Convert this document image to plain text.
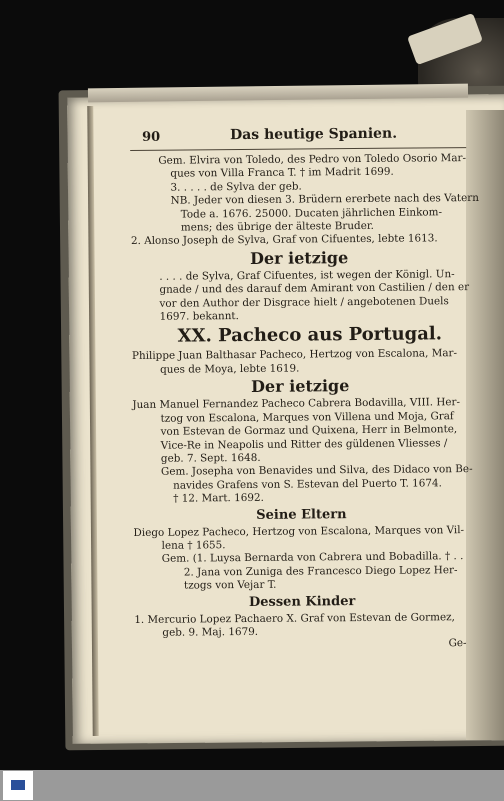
90	Das heutige Spanien.
Gem. Elvira von Toledo, des Pedro von Toledo Osorio Mar-
ques von Villa Franca T. † im Madrit 1699.
3. . . . . de Sylva der geb.
NB. Jeder von diesen 3. Brüdern ererbete nach des Vatern
Tode a. 1676. 25000. Ducaten jährlichen Einkom-
mens; des übrige der älteste Bruder.
2. Alonso Joseph de Sylva, Graf von Cifuentes, lebte 1613.
Der ietzige
. . . . de Sylva, Graf Cifuentes, ist wegen der Königl. Un-
gnade / und des darauf dem Amirant von Castilien / den er
vor den Author der Disgrace hielt / angebotenen Duels
1697. bekannt.
XX. Pacheco aus Portugal.
Philippe Juan Balthasar Pacheco, Hertzog von Escalona, Mar-
ques de Moya, lebte 1619.
Der ietzige
Juan Manuel Fernandez Pacheco Cabrera Bodavilla, VIII. Her-
tzog von Escalona, Marques von Villena und Moja, Graf
von Estevan de Gormaz und Quixena, Herr in Belmonte,
Vice-Re in Neapolis und Ritter des güldenen Vliesses /
geb. 7. Sept. 1648.
Gem. Josepha von Benavides und Silva, des Didaco von Be-
navides Grafens von S. Estevan del Puerto T. 1674.
† 12. Mart. 1692.
Seine Eltern
Diego Lopez Pacheco, Hertzog von Escalona, Marques von Vil-
lena † 1655.
Gem. (1. Luysa Bernarda von Cabrera und Bobadilla. † . .
2. Jana von Zuniga des Francesco Diego Lopez Her-
tzogs von Vejar T.
Dessen Kinder
1. Mercurio Lopez Pachaero X. Graf von Estevan de Gormez,
geb. 9. Maj. 1679.
Ge-
